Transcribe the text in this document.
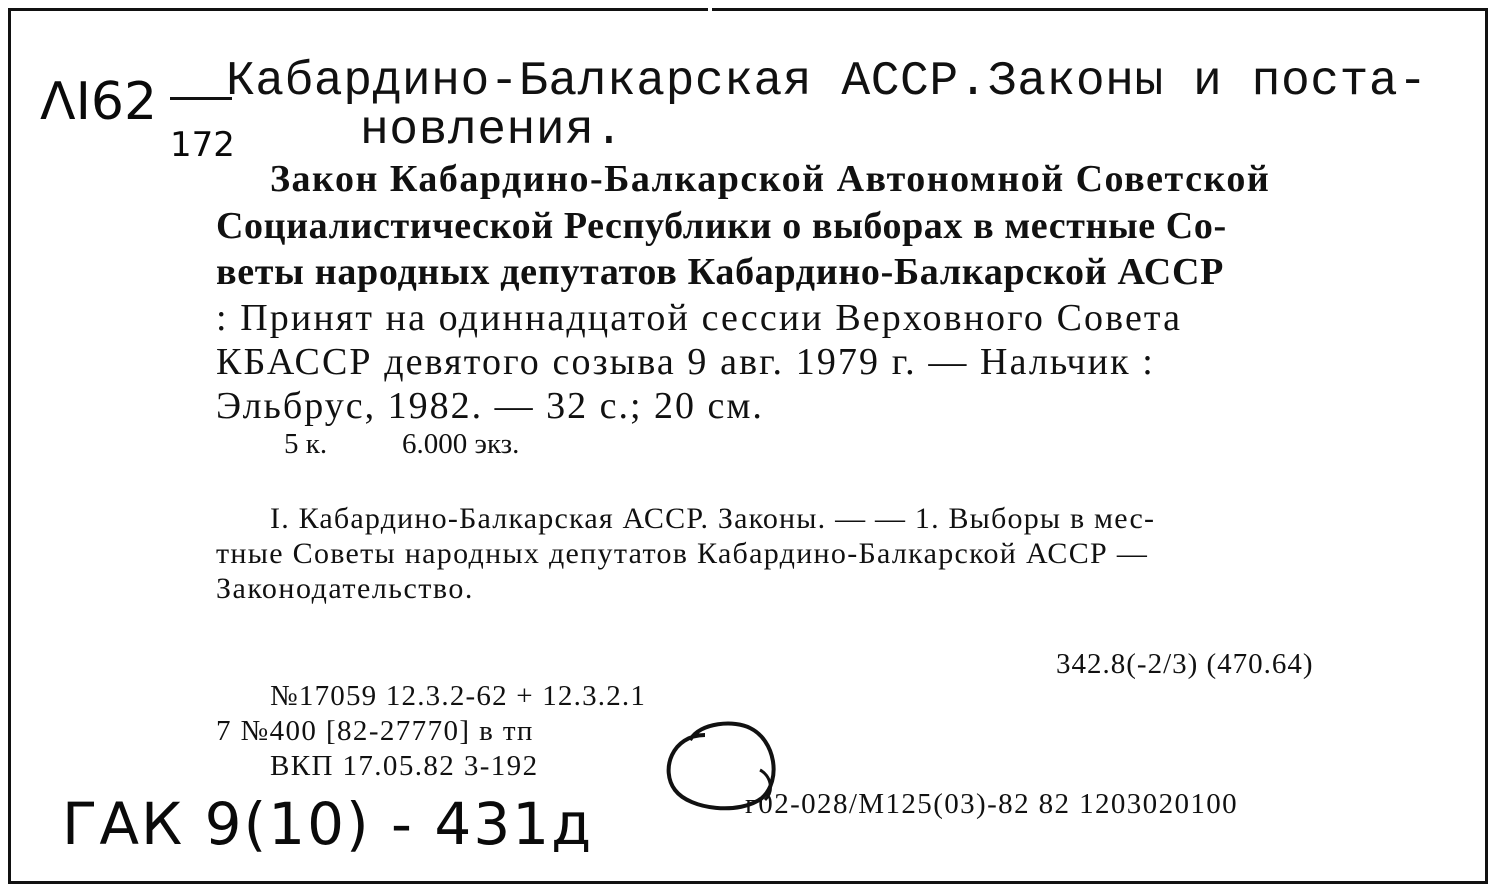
ΛІ62
172
Кабардино-Балкарская АССР.Законы и поста-
новления.
Закон Кабардино-Балкарской Автономной Советской
Социалистической Республики о выборах в местные Со-
веты народных депутатов Кабардино-Балкарской АССР
: Принят на одиннадцатой сессии Верховного Совета
КБАССР девятого созыва 9 авг. 1979 г. — Нальчик :
Эльбрус, 1982. — 32 с.; 20 см.
5 к.	6.000 экз.
I. Кабардино-Балкарская АССР. Законы. — — 1. Выборы в мес-
тные Советы народных депутатов Кабардино-Балкарской АССР —
Законодательство.
342.8(-2/3) (470.64)
№17059 12.3.2-62 + 12.3.2.1
7 №400 [82-27770] в тп
ВКП 17.05.82 3-192
г02-028/М125(03)-82 82 1203020100
ГАК 9(10) - 431д
